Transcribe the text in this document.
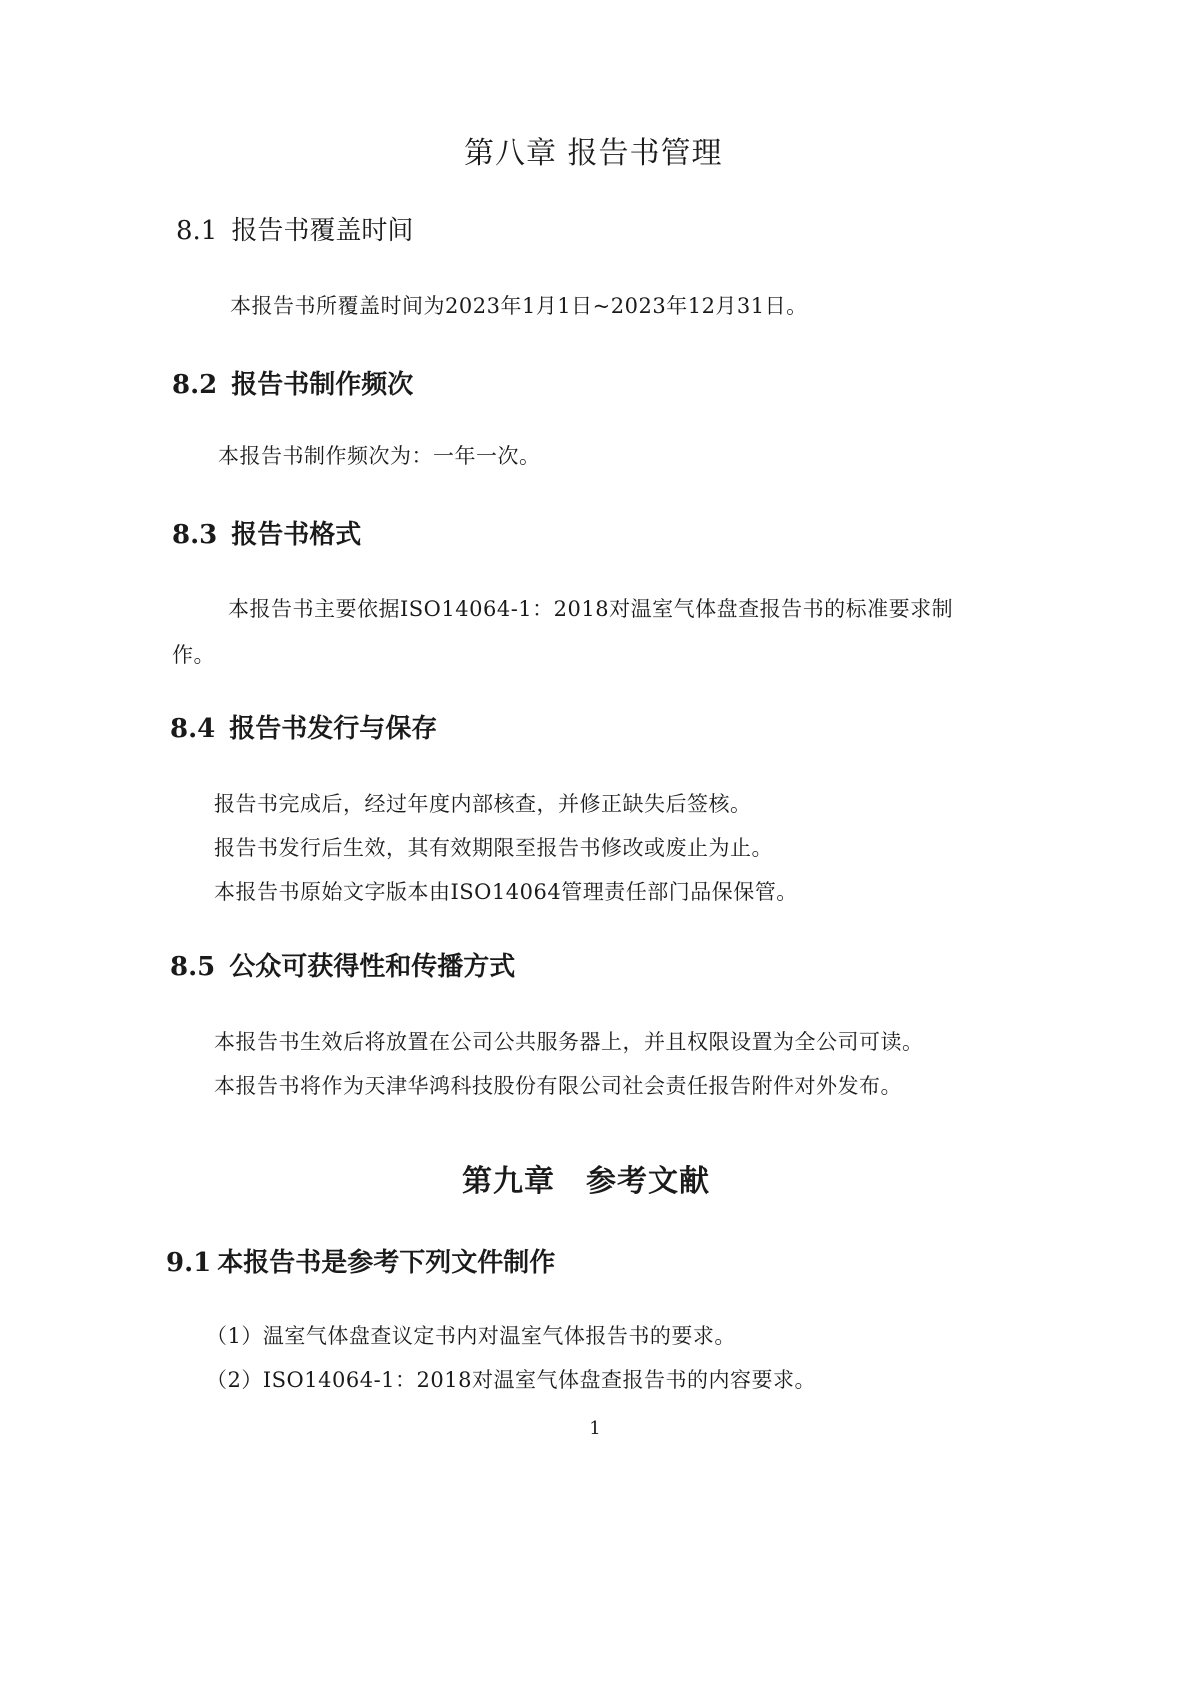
第八章 报告书管理
8.1 报告书覆盖时间

本报告书所覆盖时间为2023年1月1日~2023年12月31日。

8.2 报告书制作频次

本报告书制作频次为：一年一次。

8.3 报告书格式

本报告书主要依据ISO14064-1：2018对温室气体盘查报告书的标准要求制作。

8.4 报告书发行与保存

报告书完成后，经过年度内部核查，并修正缺失后签核。

报告书发行后生效，其有效期限至报告书修改或废止为止。

本报告书原始文字版本由ISO14064管理责任部门品保保管。

8.5 公众可获得性和传播方式

本报告书生效后将放置在公司公共服务器上，并且权限设置为全公司可读。

本报告书将作为天津华鸿科技股份有限公司社会责任报告附件对外发布。

第九章　参考文献
9.1 本报告书是参考下列文件制作

（1）温室气体盘查议定书内对温室气体报告书的要求。

（2）ISO14064-1：2018对温室气体盘查报告书的内容要求。

1
